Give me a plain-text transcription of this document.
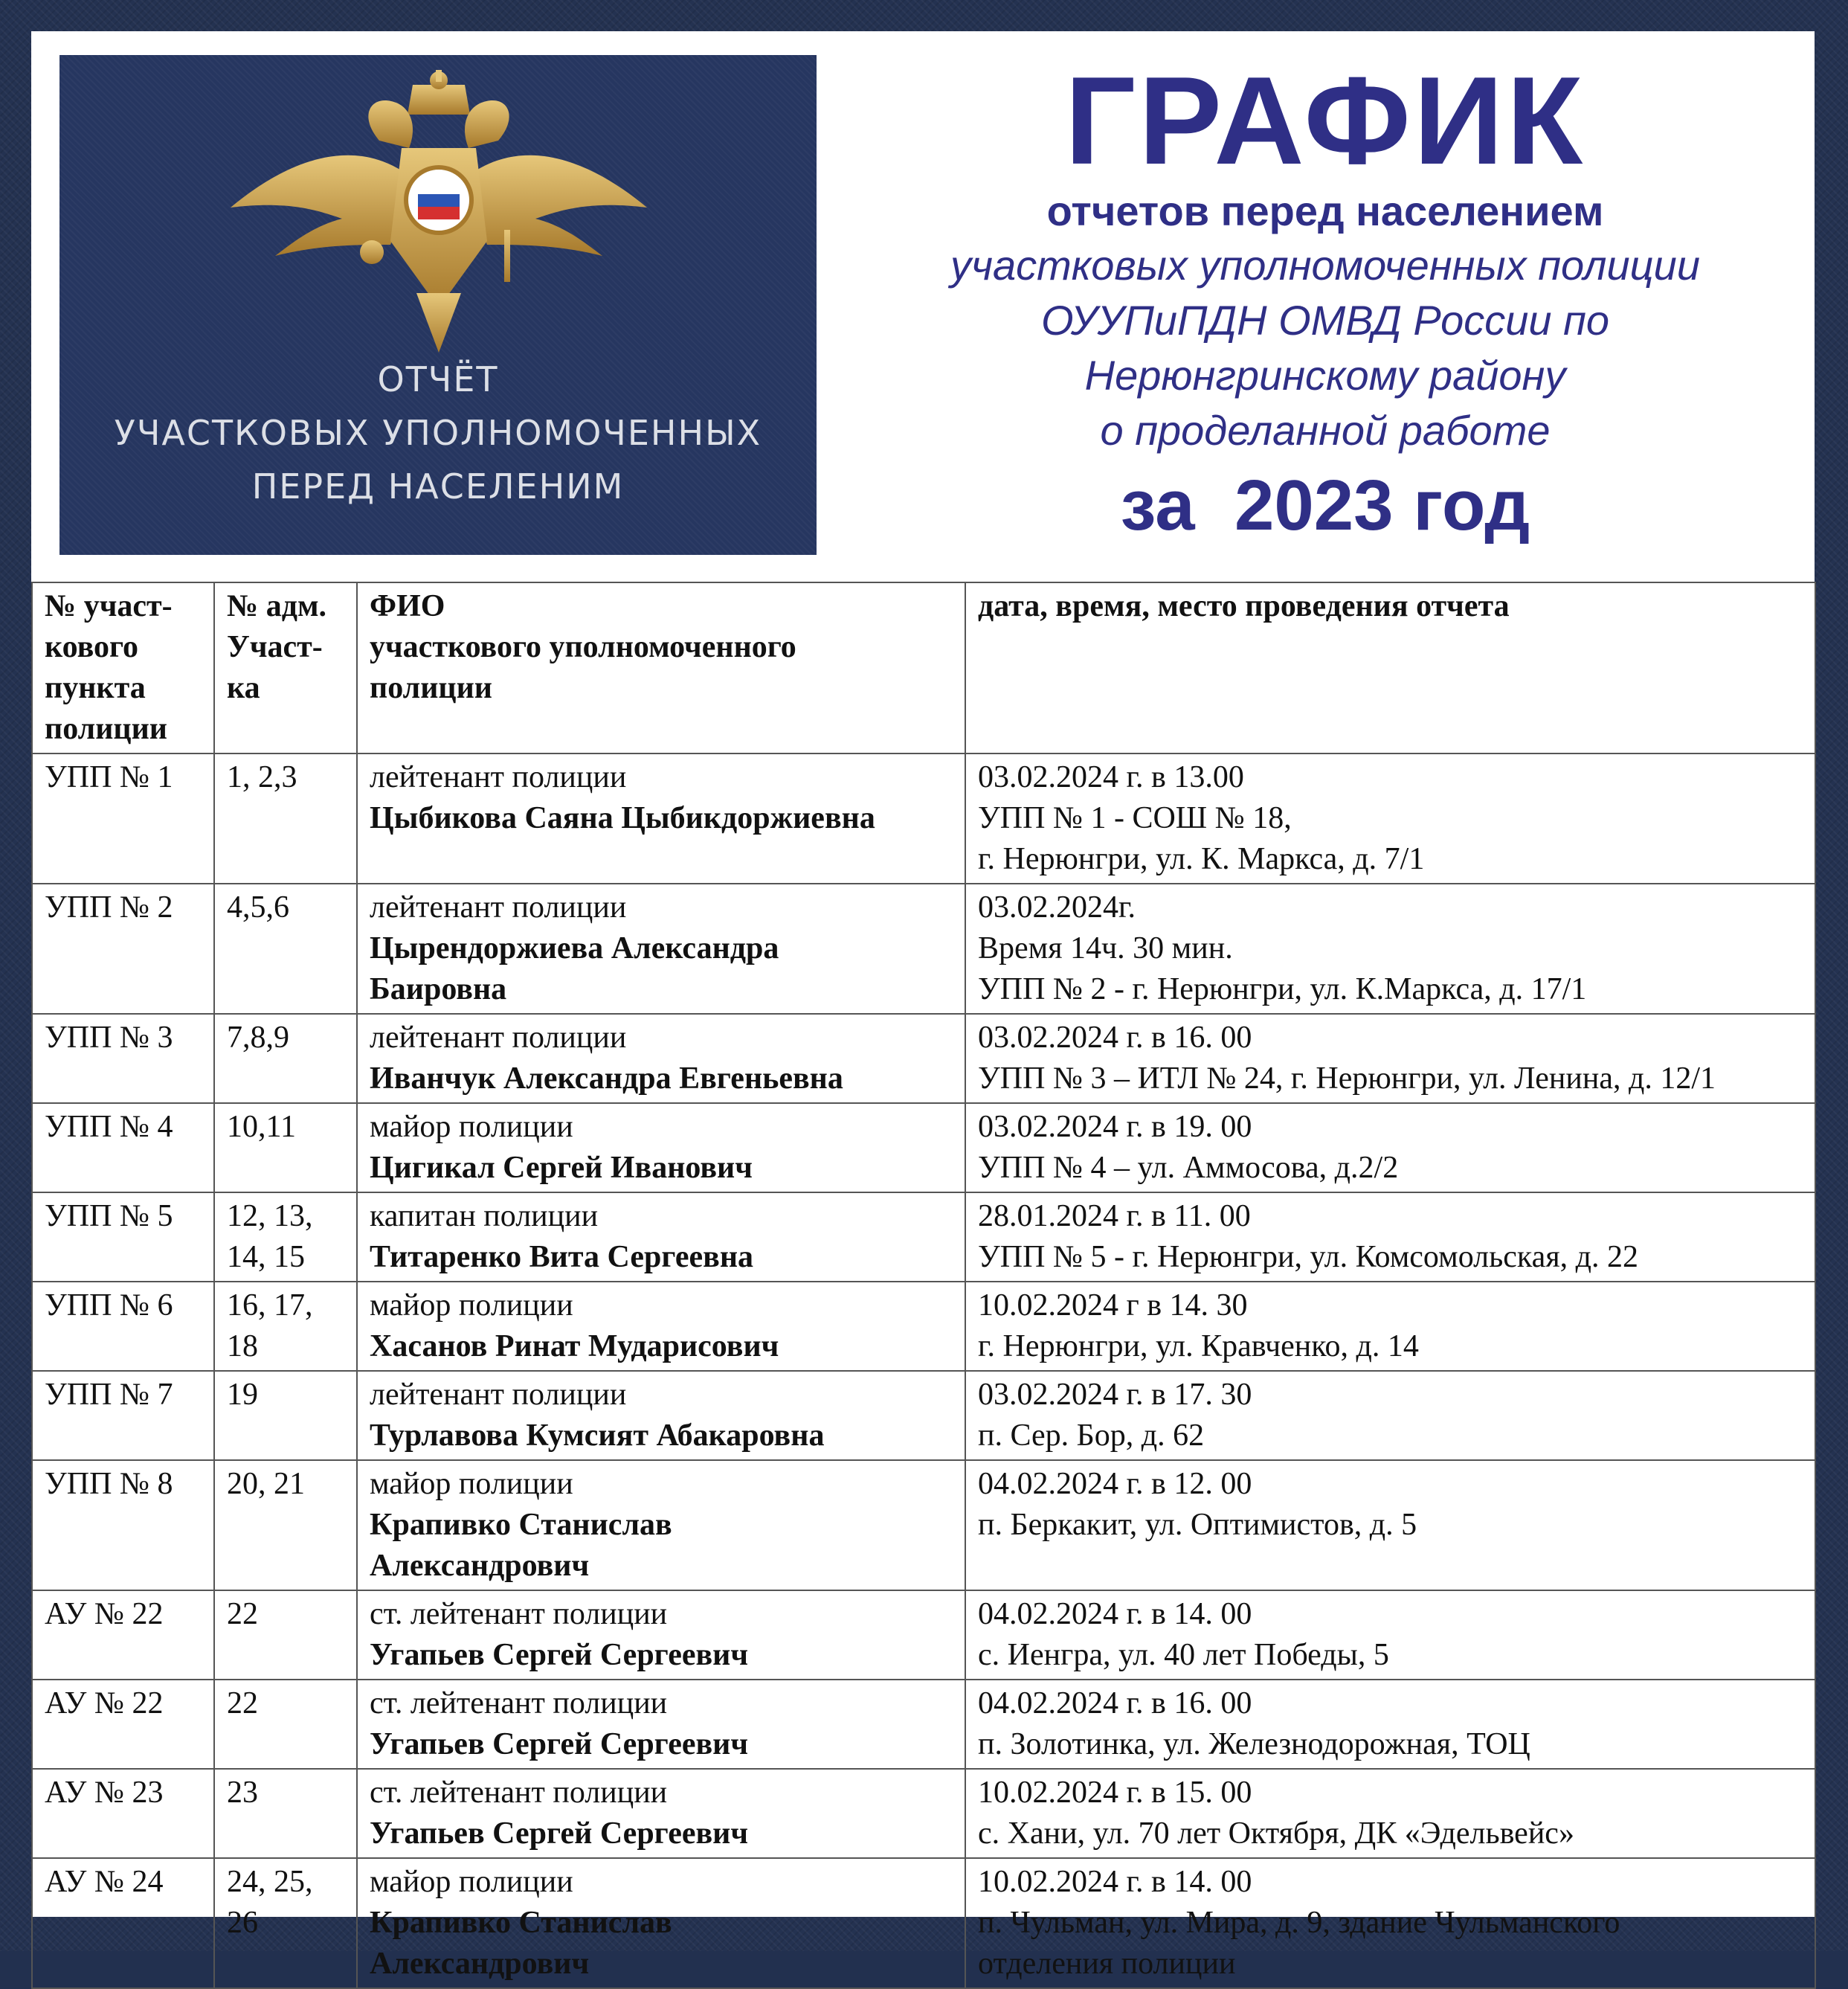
ОТЧЁТ
УЧАСТКОВЫХ УПОЛНОМОЧЕННЫХ
ПЕРЕД НАСЕЛЕНИМ
ГРАФИК
отчетов перед населением
участковых уполномоченных полиции
ОУУПиПДН ОМВД России по
Нерюнгринскому району
о проделанной работе
за  2023 год
№ участ-
кового
пункта
полиции	№ адм.
Участ-
ка	ФИО
участкового уполномоченного
полиции	дата, время, место проведения отчета

УПП № 1	1, 2,3	лейтенант полиции
Цыбикова Саяна Цыбикдоржиевна	03.02.2024 г. в 13.00
УПП № 1 - СОШ № 18,
г. Нерюнгри, ул. К. Маркса, д. 7/1

УПП № 2	4,5,6	лейтенант полиции
Цырендоржиева Александра
Баировна	03.02.2024г.
Время 14ч. 30 мин.
УПП № 2 - г. Нерюнгри, ул. К.Маркса, д. 17/1

УПП № 3	7,8,9	лейтенант полиции
Иванчук Александра Евгеньевна	03.02.2024 г. в 16. 00
УПП № 3 – ИТЛ № 24, г. Нерюнгри, ул. Ленина, д. 12/1

УПП № 4	10,11	майор полиции
Цигикал Сергей Иванович	03.02.2024 г. в 19. 00
УПП № 4 – ул. Аммосова, д.2/2

УПП № 5	12, 13,
14, 15	капитан полиции
Титаренко Вита Сергеевна	28.01.2024 г. в 11. 00
УПП № 5 - г. Нерюнгри, ул. Комсомольская, д. 22

УПП № 6	16, 17,
18	майор полиции
Хасанов Ринат Мударисович	10.02.2024 г в 14. 30
г. Нерюнгри, ул. Кравченко, д. 14

УПП № 7	19	лейтенант полиции
Турлавова Кумсият Абакаровна	03.02.2024 г. в 17. 30
п. Сер. Бор, д. 62

УПП № 8	20, 21	майор полиции
Крапивко Станислав
Александрович	04.02.2024 г. в 12. 00
п. Беркакит, ул. Оптимистов, д. 5

АУ № 22	22	ст. лейтенант полиции
Угапьев Сергей Сергеевич	04.02.2024 г. в 14. 00
с. Иенгра, ул. 40 лет Победы, 5

АУ № 22	22	ст. лейтенант полиции
Угапьев Сергей Сергеевич	04.02.2024 г. в 16. 00
п. Золотинка, ул. Железнодорожная, ТОЦ

АУ № 23	23	ст. лейтенант полиции
Угапьев Сергей Сергеевич	10.02.2024 г. в 15. 00
с. Хани, ул. 70 лет Октября, ДК «Эдельвейс»

АУ № 24	24, 25,
26	майор полиции
Крапивко Станислав
Александрович	10.02.2024 г. в 14. 00
п. Чульман, ул. Мира, д. 9, здание Чульманского
отделения полиции
